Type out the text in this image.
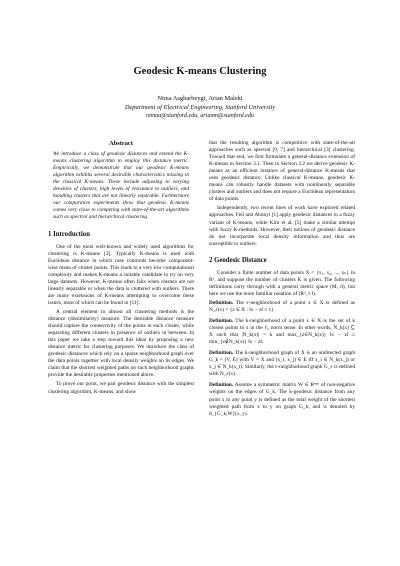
Geodesic K-means Clustering
Nima Asgharbeygi, Arian Maleki
Department of Electrical Engineering, Stanford University
nimaa@stanford.edu, arianm@stanford.edu
Abstract
We introduce a class of geodesic distances and extend the K-means clustering algorithm to employ this distance metric. Empirically, we demonstrate that our geodesic K-means algorithm exhibits several desirable characteristics missing in the classical K-means. These include adjusting to varying densities of clusters, high levels of resistance to outliers, and handling clusters that are not linearly separable. Furthermore our comparative experiments show that geodesic K-means comes very close to competing with state-of-the-art algorithms such as spectral and hierarchical clustering.
1 Introduction

One of the most well-known and widely used algorithms for clustering is K-means [2]. Typically K-means is used with Euclidean distance in which case controids become component-wise mean of cluster points. This leads to a very low computational complexity and makes K-means a suitable candidate to try on very large datasets. However, K-means often fails when clusters are not linearly separable or when the data is cluttered with outliers. There are many extensions of K-means attempting to overcome these issues, most of which can be found in [11].

A central element in almost all clustering methods is the distance (dissimilarity) measure. The desirable distance measure should capture the connectivity of the points in each cluster, while separating different clusters in presence of outliers in between. In this paper we take a step toward this ideal by proposing a new distance metric for clustering purposes. We introduce the class of geodesic distances which rely on a sparse neighborhood graph over the data points together with local density weights on its edges. We claim that the shortest weighted paths on such neighborhood graphs provide the desirable properties mentioned above.

To prove our point, we pair geodesic distance with the simplest clustering algorithm, K-means, and show

that the resulting algorithm is competitive with state-of-the-art approaches such as spectral [9, 7] and hierarchical [3] clustering. Toward that end, we first formulate a general-distance extension of K-means in Section 3.1. Then in Section 3.2 we derive geodesic K-means as an efficient instance of general-distance K-means that uses geodesic distance. Unlike classical K-means, geodesic K-means can robustly handle datasets with nonlinearly separable clusters and outliers and does not require a Euclidean representation of data points.

Independently, two recent lines of work have explored related approaches. Feil and Abonyi [1] apply geodesic distances to a fuzzy variant of K-means, while Kim et al. [5] make a similar attempt with fuzzy K-medoids. However, their notions of geodesic distance do not incorporate local density information and thus are susceptible to outliers.

2 Geodesic Distance

Consider a finite number of data points X = {x₁, x₂, ..., xₙ} in Rᵈ, and suppose the number of clusters K is given. The following definitions carry through with a general metric space (M, d), but here we use the more familiar notation of (Rᵈ, ‖·‖).

Definition. The ε-neighborhood of a point x ∈ X is defined as N_ε(x) = {z ∈ X : ‖x − z‖ ≤ ε}.
Definition. The k-neighborhood of a point x ∈ X is the set of k closest points to x in the ℓ₂ norm sense. In other words, N_k(x) ⊆ X such that |N_k(x)| = k and max_{z∈N_k(x)} ‖x − z‖ ≤ min_{z∉N_k(x)} ‖x − z‖.
Definition. The k-neighborhood graph of X is an undirected graph G_k = (V, E) with V = X and (x_i, x_j) ∈ E iff x_i ∈ N_k(x_j) or x_j ∈ N_k(x_i). Similarly, the ε-neighborhood graph G_ε is defined with N_ε(x).
Definition. Assume a symmetric matrix W ∈ Rⁿˣⁿ of non-negative weights on the edges of G_k. The k-geodesic distance from any point x to any point y is defined as the total weight of the shortest weighted path from x to y on graph G_k, and is denoted by d_{G_k,W}(x, y).
